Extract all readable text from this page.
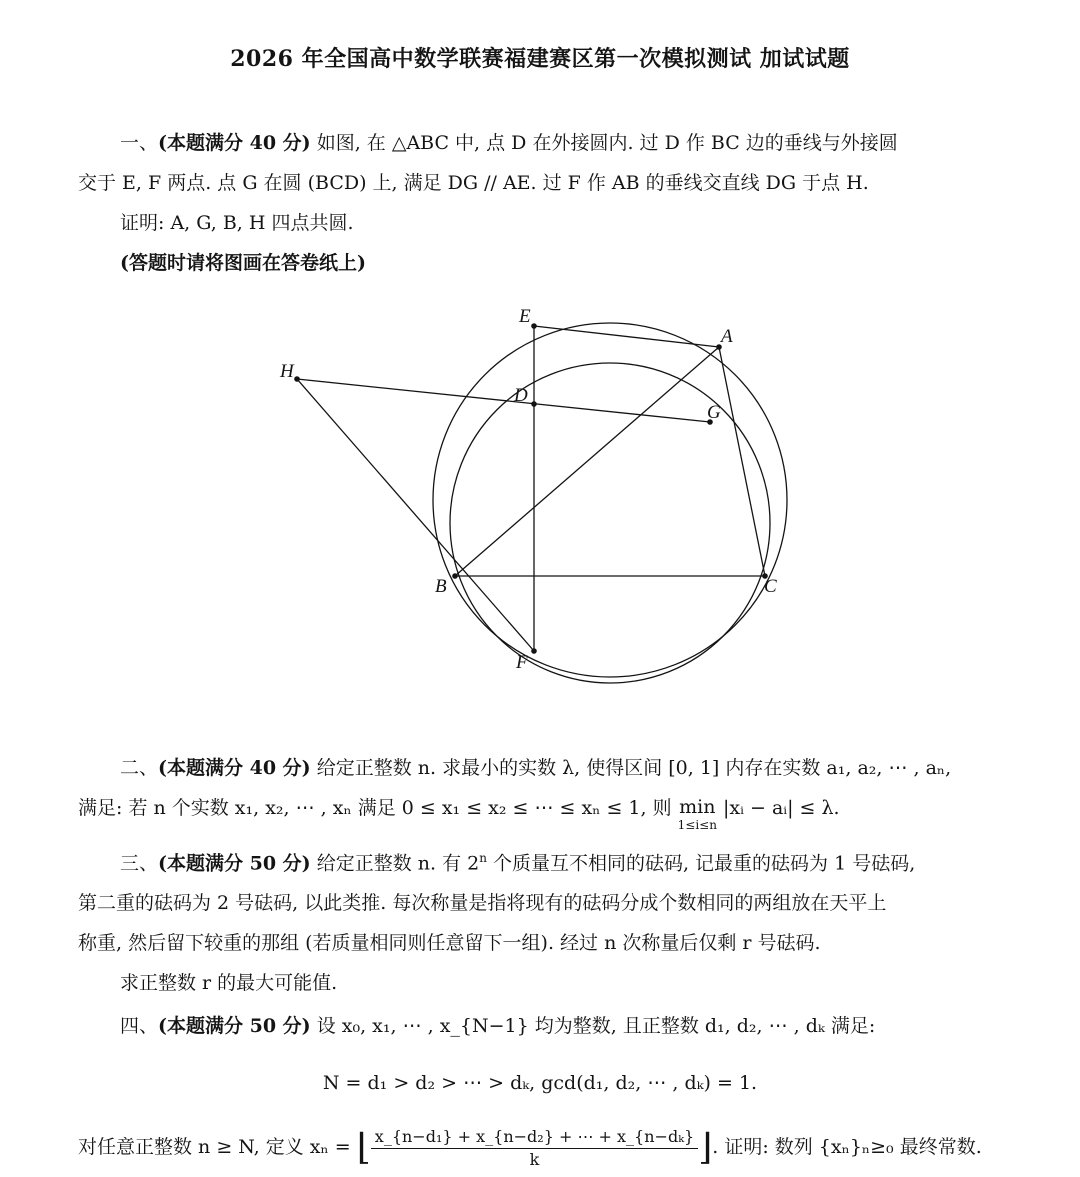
2026 年全国高中数学联赛福建赛区第一次模拟测试 加试试题
一、(本题满分 40 分) 如图, 在 △ABC 中, 点 D 在外接圆内. 过 D 作 BC 边的垂线与外接圆
交于 E, F 两点. 点 G 在圆 (BCD) 上, 满足 DG // AE. 过 F 作 AB 的垂线交直线 DG 于点 H.
证明: A, G, B, H 四点共圆.
(答题时请将图画在答卷纸上)
E
A
H
D
G
B	C
F
二、(本题满分 40 分) 给定正整数 n. 求最小的实数 λ, 使得区间 [0, 1] 内存在实数 a₁, a₂, ⋯ , aₙ,
满足: 若 n 个实数 x₁, x₂, ⋯ , xₙ 满足 0 ≤ x₁ ≤ x₂ ≤ ⋯ ≤ xₙ ≤ 1, 则 min
1≤i≤n
|xᵢ − aᵢ| ≤ λ.
三、(本题满分 50 分) 给定正整数 n. 有 2$^n$ 个质量互不相同的砝码, 记最重的砝码为 1 号砝码,
第二重的砝码为 2 号砝码, 以此类推. 每次称量是指将现有的砝码分成个数相同的两组放在天平上
称重, 然后留下较重的那组 (若质量相同则任意留下一组). 经过 n 次称量后仅剩 r 号砝码.
求正整数 r 的最大可能值.
四、(本题满分 50 分) 设 x₀, x₁, ⋯ , x_{N−1} 均为整数, 且正整数 d₁, d₂, ⋯ , dₖ 满足:
N = d₁ > d₂ > ⋯ > dₖ, gcd(d₁, d₂, ⋯ , dₖ) = 1.
对任意正整数 n ≥ N, 定义 xₙ = ⌊ $\frac{\text{x\_\{n−d₁\} + x\_\{n−d₂\} + ⋯ + x\_\{n−dₖ\}}}{k}$ ⌋. 证明: 数列 {xₙ}ₙ≥₀ 最终常数.
